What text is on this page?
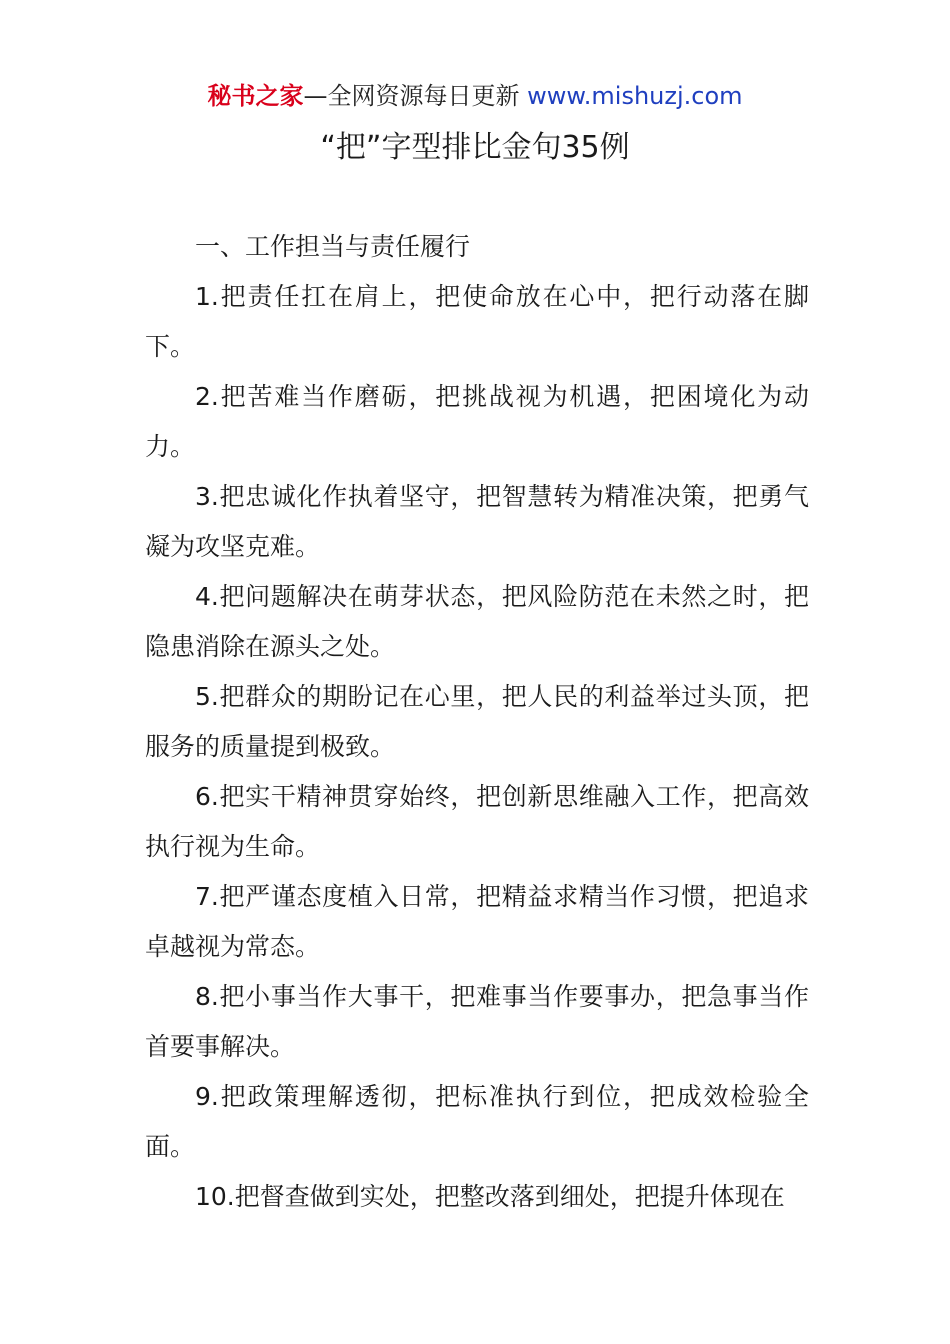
秘书之家—全网资源每日更新 www.mishuzj.com
“把”字型排比金句35例

一、工作担当与责任履行

1.把责任扛在肩上，把使命放在心中，把行动落在脚下。

2.把苦难当作磨砺，把挑战视为机遇，把困境化为动力。

3.把忠诚化作执着坚守，把智慧转为精准决策，把勇气凝为攻坚克难。

4.把问题解决在萌芽状态，把风险防范在未然之时，把隐患消除在源头之处。

5.把群众的期盼记在心里，把人民的利益举过头顶，把服务的质量提到极致。

6.把实干精神贯穿始终，把创新思维融入工作，把高效执行视为生命。

7.把严谨态度植入日常，把精益求精当作习惯，把追求卓越视为常态。

8.把小事当作大事干，把难事当作要事办，把急事当作首要事解决。

9.把政策理解透彻，把标准执行到位，把成效检验全面。

10.把督查做到实处，把整改落到细处，把提升体现在
